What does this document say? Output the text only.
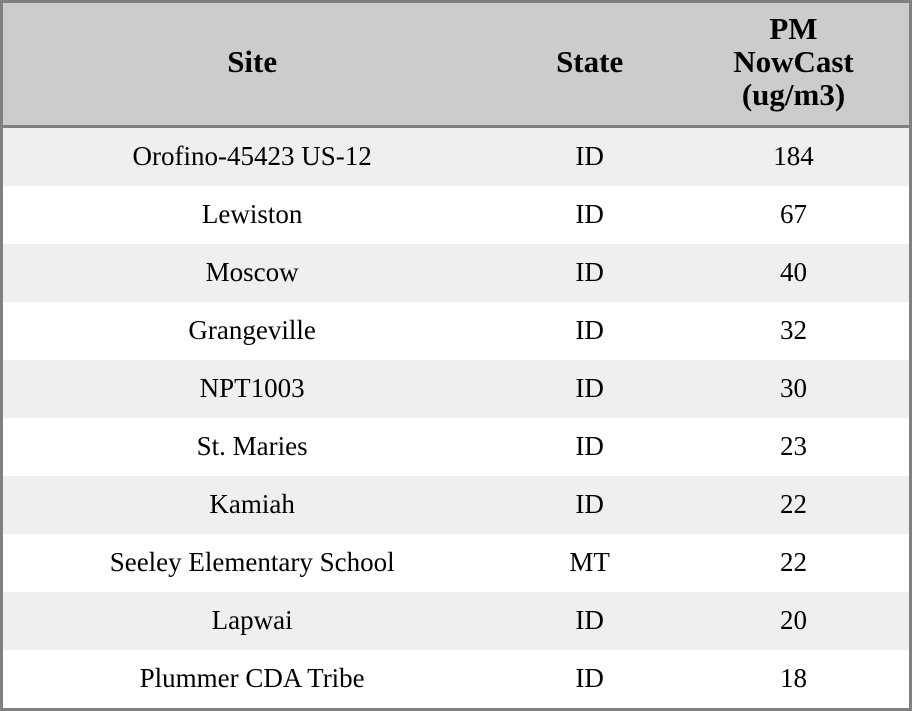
Site	State	PM
NowCast
(ug/m3)

Orofino-45423 US-12	ID	184
Lewiston	ID	67
Moscow	ID	40
Grangeville	ID	32
NPT1003	ID	30
St. Maries	ID	23
Kamiah	ID	22
Seeley Elementary School	MT	22
Lapwai	ID	20
Plummer CDA Tribe	ID	18
